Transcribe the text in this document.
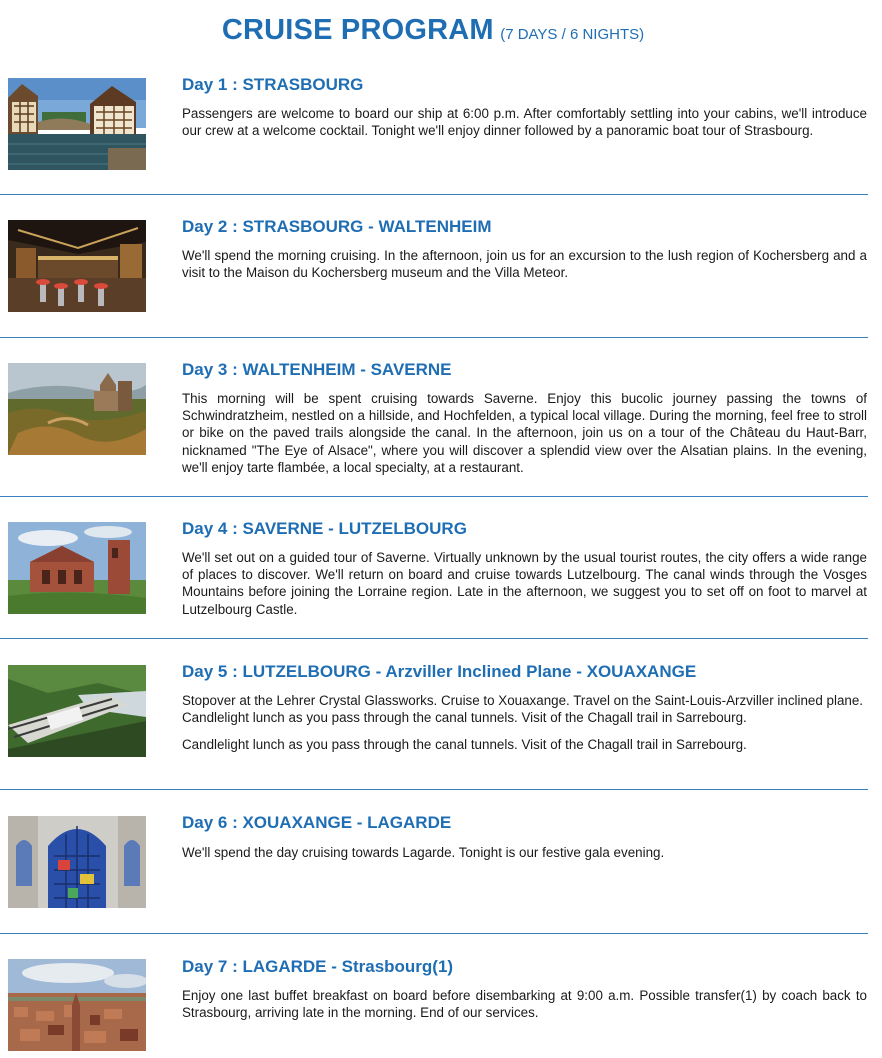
CRUISE PROGRAM (7 DAYS / 6 NIGHTS)
Day 1 : STRASBOURG

Passengers are welcome to board our ship at 6:00 p.m. After comfortably settling into your cabins, we'll introduce our crew at a welcome cocktail. Tonight we'll enjoy dinner followed by a panoramic boat tour of Strasbourg.

Day 2 : STRASBOURG - WALTENHEIM

We'll spend the morning cruising. In the afternoon, join us for an excursion to the lush region of Kochersberg and a visit to the Maison du Kochersberg museum and the Villa Meteor.

Day 3 : WALTENHEIM - SAVERNE

This morning will be spent cruising towards Saverne. Enjoy this bucolic journey passing the towns of Schwindratzheim, nestled on a hillside, and Hochfelden, a typical local village. During the morning, feel free to stroll or bike on the paved trails alongside the canal. In the afternoon, join us on a tour of the Château du Haut-Barr, nicknamed "The Eye of Alsace", where you will discover a splendid view over the Alsatian plains. In the evening, we'll enjoy tarte flambée, a local specialty, at a restaurant.

Day 4 : SAVERNE - LUTZELBOURG

We'll set out on a guided tour of Saverne. Virtually unknown by the usual tourist routes, the city offers a wide range of places to discover. We'll return on board and cruise towards Lutzelbourg. The canal winds through the Vosges Mountains before joining the Lorraine region. Late in the afternoon, we suggest you to set off on foot to marvel at Lutzelbourg Castle.

Day 5 : LUTZELBOURG - Arzviller Inclined Plane - XOUAXANGE

Stopover at the Lehrer Crystal Glassworks. Cruise to Xouaxange. Travel on the Saint-Louis-Arzviller inclined plane.

Candlelight lunch as you pass through the canal tunnels. Visit of the Chagall trail in Sarrebourg.

Candlelight lunch as you pass through the canal tunnels. Visit of the Chagall trail in Sarrebourg.

Day 6 : XOUAXANGE - LAGARDE

We'll spend the day cruising towards Lagarde. Tonight is our festive gala evening.

Day 7 : LAGARDE - Strasbourg(1)

Enjoy one last buffet breakfast on board before disembarking at 9:00 a.m. Possible transfer(1) by coach back to Strasbourg, arriving late in the morning. End of our services.
